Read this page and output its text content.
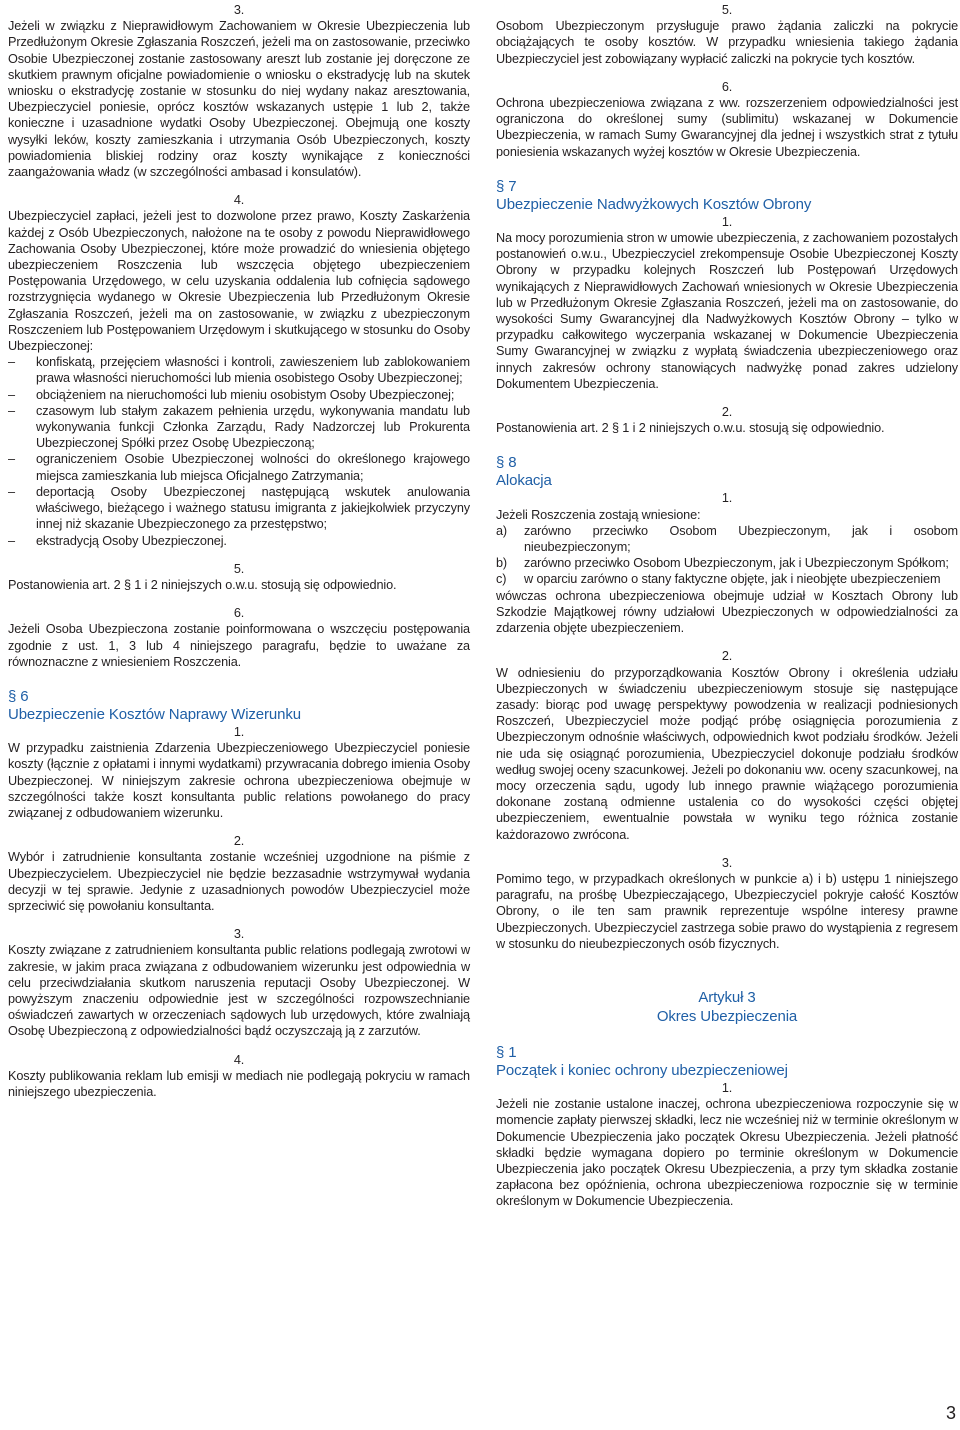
3.

Jeżeli w związku z Nieprawidłowym Zachowaniem w Okresie Ubezpieczenia lub Przedłużonym Okresie Zgłaszania Roszczeń, jeżeli ma on zastosowanie, przeciwko Osobie Ubezpieczonej zostanie zastosowany areszt lub zostanie jej doręczone ze skutkiem prawnym oficjalne powiadomienie o wniosku o ekstradycję lub na skutek wniosku o ekstradycję zostanie w stosunku do niej wydany nakaz aresztowania, Ubezpieczyciel poniesie, oprócz kosztów wskazanych ustępie 1 lub 2, także konieczne i uzasadnione wydatki Osoby Ubezpieczonej. Obejmują one koszty wysyłki leków, koszty zamieszkania i utrzymania Osób Ubezpieczonych, koszty powiadomienia bliskiej rodziny oraz koszty wynikające z konieczności zaangażowania władz (w szczególności ambasad i konsulatów).

4.

Ubezpieczyciel zapłaci, jeżeli jest to dozwolone przez prawo, Koszty Zaskarżenia każdej z Osób Ubezpieczonych, nałożone na te osoby z powodu Nieprawidłowego Zachowania Osoby Ubezpieczonej, które może prowadzić do wniesienia objętego ubezpieczeniem Roszczenia lub wszczęcia objętego ubezpieczeniem Postępowania Urzędowego, w celu uzyskania oddalenia lub cofnięcia sądowego rozstrzygnięcia wydanego w Okresie Ubezpieczenia lub Przedłużonym Okresie Zgłaszania Roszczeń, jeżeli ma on zastosowanie, w związku z ubezpieczonym Roszczeniem lub Postępowaniem Urzędowym i skutkującego w stosunku do Osoby Ubezpieczonej:

– konfiskatą, przejęciem własności i kontroli, zawieszeniem lub zablokowaniem prawa własności nieruchomości lub mienia osobistego Osoby Ubezpieczonej;
– obciążeniem na nieruchomości lub mieniu osobistym Osoby Ubezpieczonej;
– czasowym lub stałym zakazem pełnienia urzędu, wykonywania mandatu lub wykonywania funkcji Członka Zarządu, Rady Nadzorczej lub Prokurenta Ubezpieczonej Spółki przez Osobę Ubezpieczoną;
– ograniczeniem Osobie Ubezpieczonej wolności do określonego krajowego miejsca zamieszkania lub miejsca Oficjalnego Zatrzymania;
– deportacją Osoby Ubezpieczonej następującą wskutek anulowania właściwego, bieżącego i ważnego statusu imigranta z jakiejkolwiek przyczyny innej niż skazanie Ubezpieczonego za przestępstwo;
– ekstradycją Osoby Ubezpieczonej.
5.

Postanowienia art. 2 § 1 i 2 niniejszych o.w.u. stosują się odpowiednio.

6.

Jeżeli Osoba Ubezpieczona zostanie poinformowana o wszczęciu postępowania zgodnie z ust. 1, 3 lub 4 niniejszego paragrafu, będzie to uważane za równoznaczne z wniesieniem Roszczenia.

§ 6
Ubezpieczenie Kosztów Naprawy Wizerunku
1.

W przypadku zaistnienia Zdarzenia Ubezpieczeniowego Ubezpieczyciel poniesie koszty (łącznie z opłatami i innymi wydatkami) przywracania dobrego imienia Osoby Ubezpieczonej. W niniejszym zakresie ochrona ubezpieczeniowa obejmuje w szczególności także koszt konsultanta public relations powołanego do pracy związanej z odbudowaniem wizerunku.

2.

Wybór i zatrudnienie konsultanta zostanie wcześniej uzgodnione na piśmie z Ubezpieczycielem. Ubezpieczyciel nie będzie bezzasadnie wstrzymywał wydania decyzji w tej sprawie. Jedynie z uzasadnionych powodów Ubezpieczyciel może sprzeciwić się powołaniu konsultanta.

3.

Koszty związane z zatrudnieniem konsultanta public relations podlegają zwrotowi w zakresie, w jakim praca związana z odbudowaniem wizerunku jest odpowiednia w celu przeciwdziałania skutkom naruszenia reputacji Osoby Ubezpieczonej. W powyższym znaczeniu odpowiednie jest w szczególności rozpowszechnianie oświadczeń zawartych w orzeczeniach sądowych lub urzędowych, które zwalniają Osobę Ubezpieczoną z odpowiedzialności bądź oczyszczają ją z zarzutów.

4.

Koszty publikowania reklam lub emisji w mediach nie podlegają pokryciu w ramach niniejszego ubezpieczenia.

5.

Osobom Ubezpieczonym przysługuje prawo żądania zaliczki na pokrycie obciążających te osoby kosztów. W przypadku wniesienia takiego żądania Ubezpieczyciel jest zobowiązany wypłacić zaliczki na pokrycie tych kosztów.

6.

Ochrona ubezpieczeniowa związana z ww. rozszerzeniem odpowiedzialności jest ograniczona do określonej sumy (sublimitu) wskazanej w Dokumencie Ubezpieczenia, w ramach Sumy Gwarancyjnej dla jednej i wszystkich strat z tytułu poniesienia wskazanych wyżej kosztów w Okresie Ubezpieczenia.

§ 7
Ubezpieczenie Nadwyżkowych Kosztów Obrony
1.

Na mocy porozumienia stron w umowie ubezpieczenia, z zachowaniem pozostałych postanowień o.w.u., Ubezpieczyciel zrekompensuje Osobie Ubezpieczonej Koszty Obrony w przypadku kolejnych Roszczeń lub Postępowań Urzędowych wynikających z Nieprawidłowych Zachowań wniesionych w Okresie Ubezpieczenia lub w Przedłużonym Okresie Zgłaszania Roszczeń, jeżeli ma on zastosowanie, do wysokości Sumy Gwarancyjnej dla Nadwyżkowych Kosztów Obrony – tylko w przypadku całkowitego wyczerpania wskazanej w Dokumencie Ubezpieczenia Sumy Gwarancyjnej w związku z wypłatą świadczenia ubezpieczeniowego oraz innych zakresów ochrony stanowiących nadwyżkę ponad zakres udzielony Dokumentem Ubezpieczenia.

2.

Postanowienia art. 2 § 1 i 2 niniejszych o.w.u. stosują się odpowiednio.

§ 8
Alokacja
1.

Jeżeli Roszczenia zostają wniesione:

a) zarówno przeciwko Osobom Ubezpieczonym, jak i osobom nieubezpieczonym;
b) zarówno przeciwko Osobom Ubezpieczonym, jak i Ubezpieczonym Spółkom;
c) w oparciu zarówno o stany faktyczne objęte, jak i nieobjęte ubezpieczeniem

wówczas ochrona ubezpieczeniowa obejmuje udział w Kosztach Obrony lub Szkodzie Majątkowej równy udziałowi Ubezpieczonych w odpowiedzialności za zdarzenia objęte ubezpieczeniem.

2.

W odniesieniu do przyporządkowania Kosztów Obrony i określenia udziału Ubezpieczonych w świadczeniu ubezpieczeniowym stosuje się następujące zasady: biorąc pod uwagę perspektywy powodzenia w realizacji podniesionych Roszczeń, Ubezpieczyciel może podjąć próbę osiągnięcia porozumienia z Ubezpieczonym odnośnie właściwych, odpowiednich kwot podziału środków. Jeżeli nie uda się osiągnąć porozumienia, Ubezpieczyciel dokonuje podziału środków według swojej oceny szacunkowej. Jeżeli po dokonaniu ww. oceny szacunkowej, na mocy orzeczenia sądu, ugody lub innego prawnie wiążącego porozumienia dokonane zostaną odmienne ustalenia co do wysokości części objętej ubezpieczeniem, ewentualnie powstała w wyniku tego różnica zostanie każdorazowo zwrócona.

3.

Pomimo tego, w przypadkach określonych w punkcie a) i b) ustępu 1 niniejszego paragrafu, na prośbę Ubezpieczającego, Ubezpieczyciel pokryje całość Kosztów Obrony, o ile ten sam prawnik reprezentuje wspólne interesy prawne Ubezpieczonych. Ubezpieczyciel zastrzega sobie prawo do wystąpienia z regresem w stosunku do nieubezpieczonych osób fizycznych.

Artykuł 3
Okres Ubezpieczenia
§ 1
Początek i koniec ochrony ubezpieczeniowej
1.

Jeżeli nie zostanie ustalone inaczej, ochrona ubezpieczeniowa rozpoczynie się w momencie zapłaty pierwszej składki, lecz nie wcześniej niż w terminie określonym w Dokumencie Ubezpieczenia jako początek Okresu Ubezpieczenia. Jeżeli płatność składki będzie wymagana dopiero po terminie określonym w Dokumencie Ubezpieczenia jako początek Okresu Ubezpieczenia, a przy tym składka zostanie zapłacona bez opóźnienia, ochrona ubezpieczeniowa rozpocznie się w terminie określonym w Dokumencie Ubezpieczenia.

3
